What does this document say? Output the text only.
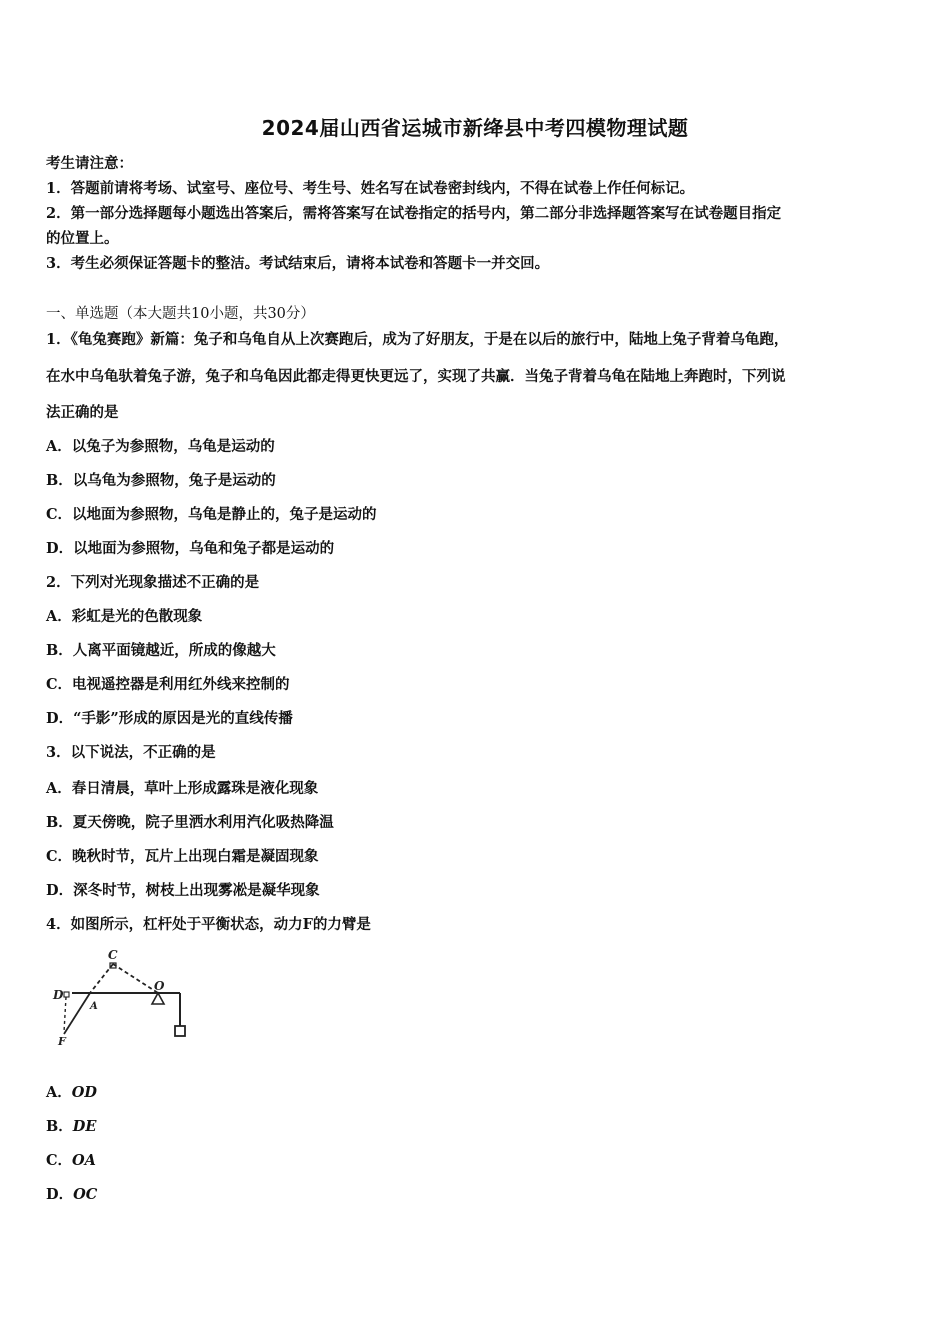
2024届山西省运城市新绛县中考四模物理试题
考生请注意：
1．答题前请将考场、试室号、座位号、考生号、姓名写在试卷密封线内，不得在试卷上作任何标记。
2．第一部分选择题每小题选出答案后，需将答案写在试卷指定的括号内，第二部分非选择题答案写在试卷题目指定
的位置上。
3．考生必须保证答题卡的整洁。考试结束后，请将本试卷和答题卡一并交回。
一、单选题（本大题共10小题，共30分）
1．《龟兔赛跑》新篇：兔子和乌龟自从上次赛跑后，成为了好朋友，于是在以后的旅行中，陆地上兔子背着乌龟跑，
在水中乌龟驮着兔子游，兔子和乌龟因此都走得更快更远了，实现了共赢．当兔子背着乌龟在陆地上奔跑时，下列说
法正确的是
A．以兔子为参照物，乌龟是运动的
B．以乌龟为参照物，兔子是运动的
C．以地面为参照物，乌龟是静止的，兔子是运动的
D．以地面为参照物，乌龟和兔子都是运动的
2．下列对光现象描述不正确的是
A．彩虹是光的色散现象
B．人离平面镜越近，所成的像越大
C．电视遥控器是利用红外线来控制的
D．“手影”形成的原因是光的直线传播
3．以下说法，不正确的是
A．春日清晨，草叶上形成露珠是液化现象
B．夏天傍晚，院子里洒水利用汽化吸热降温
C．晚秋时节，瓦片上出现白霜是凝固现象
D．深冬时节，树枝上出现雾凇是凝华现象
4．如图所示，杠杆处于平衡状态，动力F的力臂是
C
O
D
A
F
A．OD
B．DE
C．OA
D．OC
